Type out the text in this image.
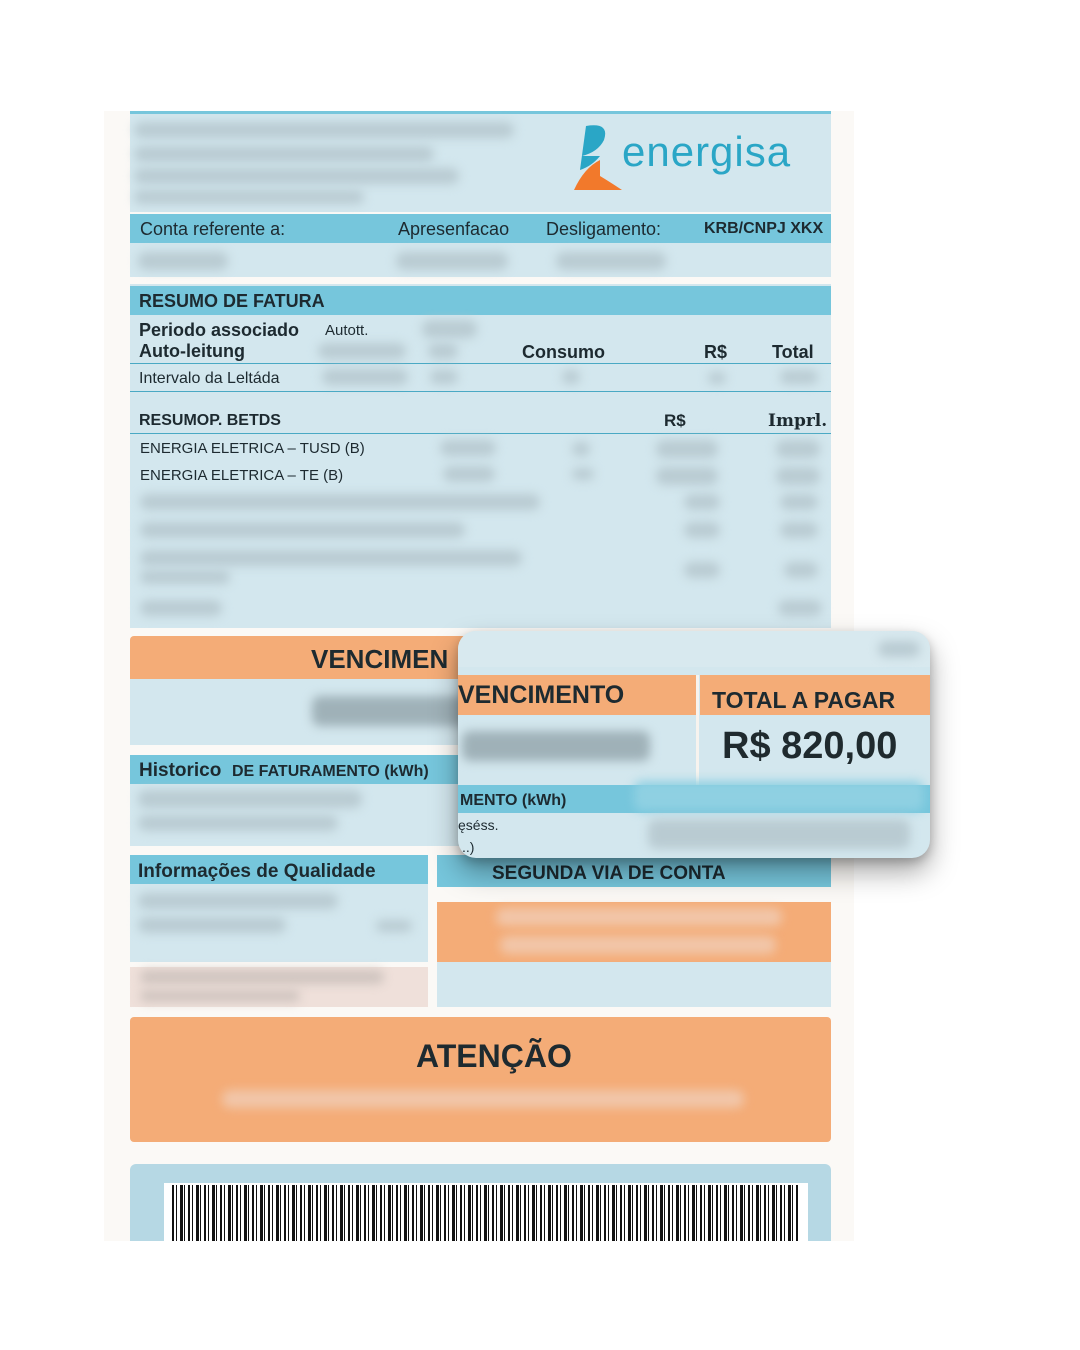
energisa
Conta referente a:	Apresenfacao Desligamento:	KRB/CNPJ XKX
RESUMO DE FATURA
Periodo associado Autott.
Auto-leitung	Consumo	R$ Total
Intervalo da Leltáda
RESUMOP. BETDS	R$	Imprl.
ENERGIA ELETRICA – TUSD (B)
ENERGIA ELETRICA – TE (B)
VENCIMEN
Historico DE FATURAMENTO (kWh)
Informações de Qualidade	SEGUNDA VIA DE CONTA
ATENÇÃO
VENCIMENTO	TOTAL A PAGAR
R$ 820,00
MENTO (kWh)
ęséss.
..)
